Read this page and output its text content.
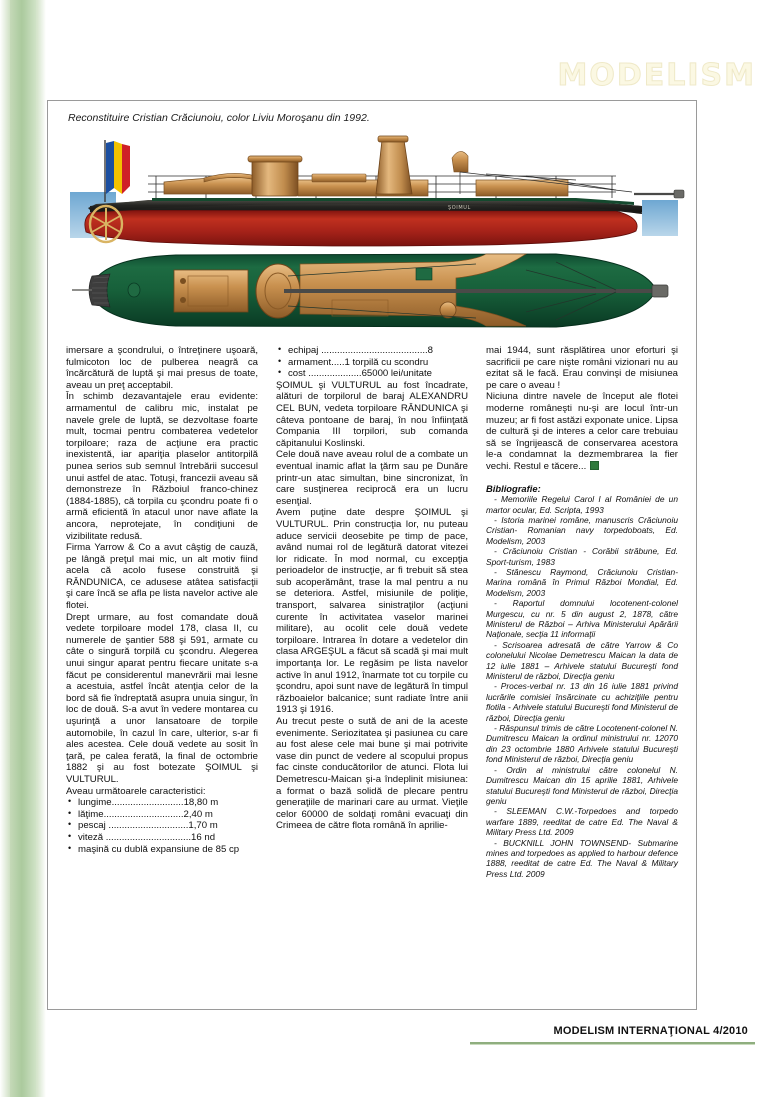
MODELISM
Reconstituire Cristian Crăciunoiu, color Liviu Moroşanu din 1992.
ŞOIMUL

imersare a şcondrului, o întreţinere uşoară, fulmicoton loc de pulberea neagră ca încărcătură de luptă şi mai presus de toate, aveau un preţ acceptabil.

În schimb dezavantajele erau evidente: armamentul de calibru mic, instalat pe navele grele de luptă, se dezvoltase foarte mult, tocmai pentru combaterea vedetelor torpiloare; raza de acţiune era practic inexistentă, iar apariţia plaselor antitorpilă punea serios sub semnul întrebării succesul unui astfel de atac. Totuşi, francezii aveau să demonstreze în Războiul franco-chinez (1884-1885), că torpila cu şcondru poate fi o armă eficientă în atacul unor nave aflate la ancora, neprotejate, în condiţiuni de vizibilitate redusă.

Firma Yarrow & Co a avut câştig de cauză, pe lângă preţul mai mic, un alt motiv fiind acela că acolo fusese construită şi RÂNDUNICA, ce adusese atâtea satisfacţii şi care încă se afla pe lista navelor active ale flotei.

Drept urmare, au fost comandate două vedete torpiloare model 178, clasa II, cu numerele de şantier 588 şi 591, armate cu câte o singură torpilă cu şcondru. Alegerea unui singur aparat pentru fiecare unitate s-a făcut pe considerentul manevrării mai lesne a acestuia, astfel încât atenţia celor de la bord să fie îndreptată asupra unuia singur, în loc de două. S-a avut în vedere montarea cu uşurinţă a unor lansatoare de torpile automobile, în cazul în care, ulterior, s-ar fi ales acestea. Cele două vedete au sosit în ţară, pe calea ferată, la final de octombrie 1882 şi au fost botezate ŞOIMUL şi VULTURUL.

Aveau următoarele caracteristici:

• lungime...........................18,80 m
• lăţime..............................2,40 m
• pescaj ..............................1,70 m
• viteză ................................16 nd
• maşină cu dublă expansiune de 85 cp
• echipaj ........................................8
• armament.....1 torpilă cu scondru
• cost ....................65000 lei/unitate

ŞOIMUL şi VULTURUL au fost încadrate, alături de torpilorul de baraj ALEXANDRU CEL BUN, vedeta torpiloare RÂNDUNICA şi câteva pontoane de baraj, în nou înfiinţată Compania III torpilori, sub comanda căpitanului Koslinski.

Cele două nave aveau rolul de a combate un eventual inamic aflat la ţărm sau pe Dunăre printr-un atac simultan, bine sincronizat, în care susţinerea reciprocă era un lucru esenţial.

Avem puţine date despre ŞOIMUL şi VULTURUL. Prin construcţia lor, nu puteau aduce servicii deosebite pe timp de pace, având numai rol de legătură datorat vitezei lor ridicate. În mod normal, cu excepţia perioadelor de instrucţie, ar fi trebuit să stea sub acoperământ, trase la mal pentru a nu se deteriora. Astfel, misiunile de poliţie, transport, salvarea sinistraţilor (acţiuni curente în activitatea vaselor marinei militare), au ocolit cele două vedete torpiloare. Intrarea în dotare a vedetelor din clasa ARGEŞUL a făcut să scadă şi mai mult importanţa lor. Le regăsim pe lista navelor active în anul 1912, înarmate tot cu torpile cu şcondru, apoi sunt nave de legătură în timpul războaielor balcanice; sunt radiate între anii 1913 şi 1916.

Au trecut peste o sută de ani de la aceste evenimente. Seriozitatea şi pasiunea cu care au fost alese cele mai bune şi mai potrivite vase din punct de vedere al scopului propus fac cinste conducătorilor de atunci. Flota lui Demetrescu-Maican şi-a îndeplinit misiunea: a format o bază solidă de plecare pentru generaţiile de marinari care au urmat. Vieţile celor 60000 de soldaţi români evacuaţi din Crimeea de către flota română în aprilie-

mai 1944, sunt răsplătirea unor eforturi şi sacrificii pe care nişte români vizionari nu au ezitat să le facă. Erau convinşi de misiunea pe care o aveau !

Niciuna dintre navele de început ale flotei moderne româneşti nu-şi are locul într-un muzeu; ar fi fost astăzi exponate unice. Lipsa de cultură şi de interes a celor care trebuiau să se îngrijească de conservarea acestora le-a condamnat la dezmembrarea la fier vechi. Restul e tăcere...

Bibliografie:

- Memoriile Regelui Carol I al României de un martor ocular, Ed. Scripta, 1993

- Istoria marinei române, manuscris Crăciunoiu Cristian- Romanian navy torpedoboats, Ed. Modelism, 2003

- Crăciunoiu Cristian - Corăbii străbune, Ed. Sport-turism, 1983

- Stănescu Raymond, Crăciunoiu Cristian- Marina română în Primul Război Mondial, Ed. Modelism, 2003

- Raportul domnului locotenent-colonel Murgescu, cu nr. 5 din august 2, 1878, către Ministerul de Război – Arhiva Ministerului Apărării Naţionale, secţia 11 informaţii

- Scrisoarea adresată de către Yarrow & Co colonelului Nicolae Demetrescu Maican la data de 12 iulie 1881 – Arhivele statului Bucureşti fond Ministerul de război, Direcţia geniu

- Proces-verbal nr. 13 din 16 iulie 1881 privind lucrările comisiei însărcinate cu achiziţiile pentru flotila - Arhivele statului Bucureşti fond Ministerul de război, Direcţia geniu

- Răspunsul trimis de către Locotenent-colonel N. Dumitrescu Maican la ordinul ministrului nr. 12070 din 23 octombrie 1880 Arhivele statului Bucureşti fond Ministerul de război, Direcţia geniu

- Ordin al ministrului către colonelul N. Dumitrescu Maican din 15 aprilie 1881, Arhivele statului Bucureşti fond Ministerul de război, Direcţia geniu

- SLEEMAN C.W.-Torpedoes and torpedo warfare 1889, reeditat de catre Ed. The Naval & Military Press Ltd. 2009

- BUCKNILL JOHN TOWNSEND- Submarine mines and torpedoes as applied to harbour defence 1888, reeditat de catre Ed. The Naval & Military Press Ltd. 2009

MODELISM INTERNAŢIONAL 4/2010
